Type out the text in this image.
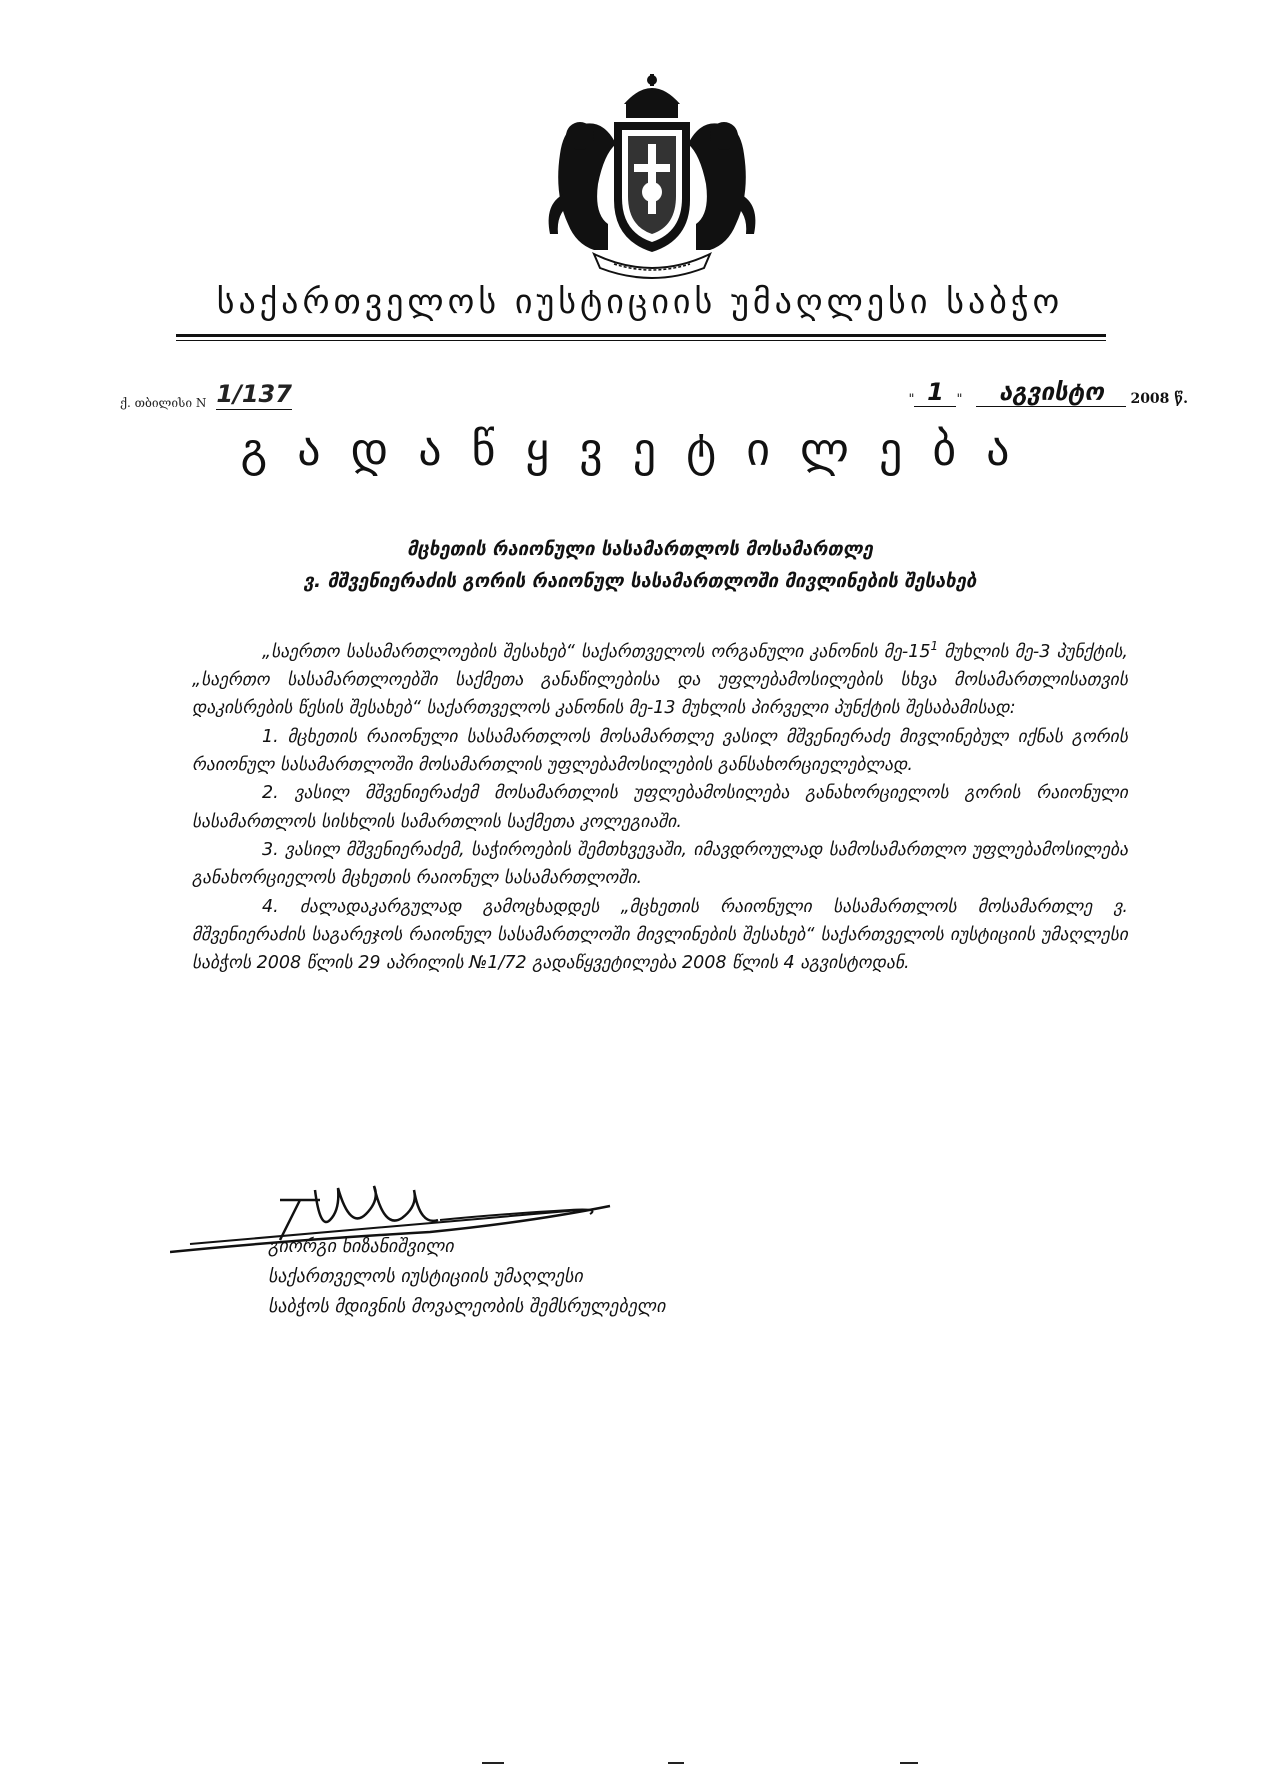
საქართველოს იუსტიციის უმაღლესი საბჭო
ქ. თბილისი N 1/137	" 1 "	აგვისტო	2008 წ.
გადაწყვეტილება
მცხეთის რაიონული სასამართლოს მოსამართლე
ვ. მშვენიერაძის გორის რაიონულ სასამართლოში მივლინების შესახებ

„საერთო სასამართლოების შესახებ“ საქართველოს ორგანული კანონის $მე-15^1$ მუხლის მე-3 პუნქტის, „საერთო სასამართლოებში საქმეთა განაწილებისა და უფლებამოსილების სხვა მოსამართლისათვის დაკისრების წესის შესახებ“ საქართველოს კანონის მე-13 მუხლის პირველი პუნქტის შესაბამისად:

1. მცხეთის რაიონული სასამართლოს მოსამართლე ვასილ მშვენიერაძე მივლინებულ იქნას გორის რაიონულ სასამართლოში მოსამართლის უფლებამოსილების განსახორციელებლად.

2. ვასილ მშვენიერაძემ მოსამართლის უფლებამოსილება განახორციელოს გორის რაიონული სასამართლოს სისხლის სამართლის საქმეთა კოლეგიაში.

3. ვასილ მშვენიერაძემ, საჭიროების შემთხვევაში, იმავდროულად სამოსამართლო უფლებამოსილება განახორციელოს მცხეთის რაიონულ სასამართლოში.

4. ძალადაკარგულად გამოცხადდეს „მცხეთის რაიონული სასამართლოს მოსამართლე ვ. მშვენიერაძის საგარეჯოს რაიონულ სასამართლოში მივლინების შესახებ“ საქართველოს იუსტიციის უმაღლესი საბჭოს 2008 წლის 29 აპრილის №1/72 გადაწყვეტილება 2008 წლის 4 აგვისტოდან.

გიორგი ხიზანიშვილი
საქართველოს იუსტიციის უმაღლესი
საბჭოს მდივნის მოვალეობის შემსრულებელი
